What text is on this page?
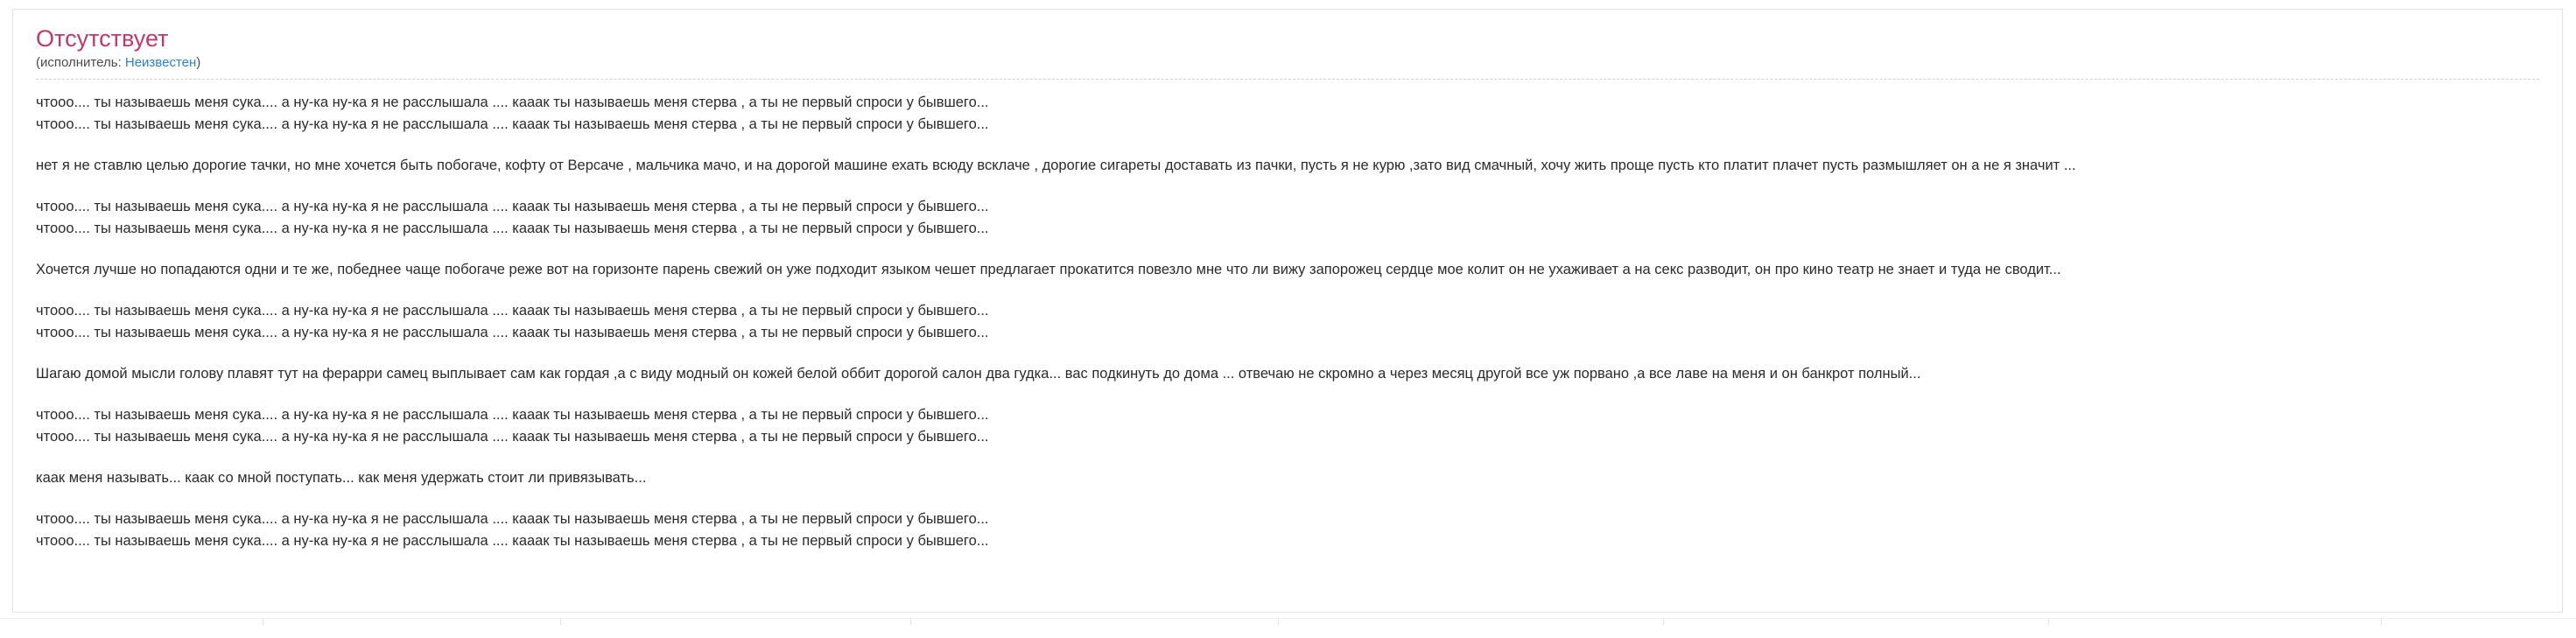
Отсутствует
(исполнитель: Неизвестен)
чтооо.... ты называешь меня сука.... а ну-ка ну-ка я не расслышала .... кааак ты называешь меня стерва , а ты не первый спроси у бывшего...
чтооо.... ты называешь меня сука.... а ну-ка ну-ка я не расслышала .... кааак ты называешь меня стерва , а ты не первый спроси у бывшего...
нет я не ставлю целью дорогие тачки, но мне хочется быть побогаче, кофту от Версаче , мальчика мачо, и на дорогой машине ехать всюду всклаче , дорогие сигареты доставать из пачки, пусть я не курю ,зато вид смачный, хочу жить проще пусть кто платит плачет пусть размышляет он а не я значит ...
чтооо.... ты называешь меня сука.... а ну-ка ну-ка я не расслышала .... кааак ты называешь меня стерва , а ты не первый спроси у бывшего...
чтооо.... ты называешь меня сука.... а ну-ка ну-ка я не расслышала .... кааак ты называешь меня стерва , а ты не первый спроси у бывшего...
Хочется лучше но попадаются одни и те же, победнее чаще побогаче реже вот на горизонте парень свежий он уже подходит языком чешет предлагает прокатится повезло мне что ли вижу запорожец сердце мое колит он не ухаживает а на секс разводит, он про кино театр не знает и туда не сводит...
чтооо.... ты называешь меня сука.... а ну-ка ну-ка я не расслышала .... кааак ты называешь меня стерва , а ты не первый спроси у бывшего...
чтооо.... ты называешь меня сука.... а ну-ка ну-ка я не расслышала .... кааак ты называешь меня стерва , а ты не первый спроси у бывшего...
Шагаю домой мысли голову плавят тут на ферарри самец выплывает сам как гордая ,а с виду модный он кожей белой оббит дорогой салон два гудка... вас подкинуть до дома ... отвечаю не скромно а через месяц другой все уж порвано ,а все лаве на меня и он банкрот полный...
чтооо.... ты называешь меня сука.... а ну-ка ну-ка я не расслышала .... кааак ты называешь меня стерва , а ты не первый спроси у бывшего...
чтооо.... ты называешь меня сука.... а ну-ка ну-ка я не расслышала .... кааак ты называешь меня стерва , а ты не первый спроси у бывшего...
каак меня называть... каак со мной поступать... как меня удержать стоит ли привязывать...
чтооо.... ты называешь меня сука.... а ну-ка ну-ка я не расслышала .... кааак ты называешь меня стерва , а ты не первый спроси у бывшего...
чтооо.... ты называешь меня сука.... а ну-ка ну-ка я не расслышала .... кааак ты называешь меня стерва , а ты не первый спроси у бывшего...
